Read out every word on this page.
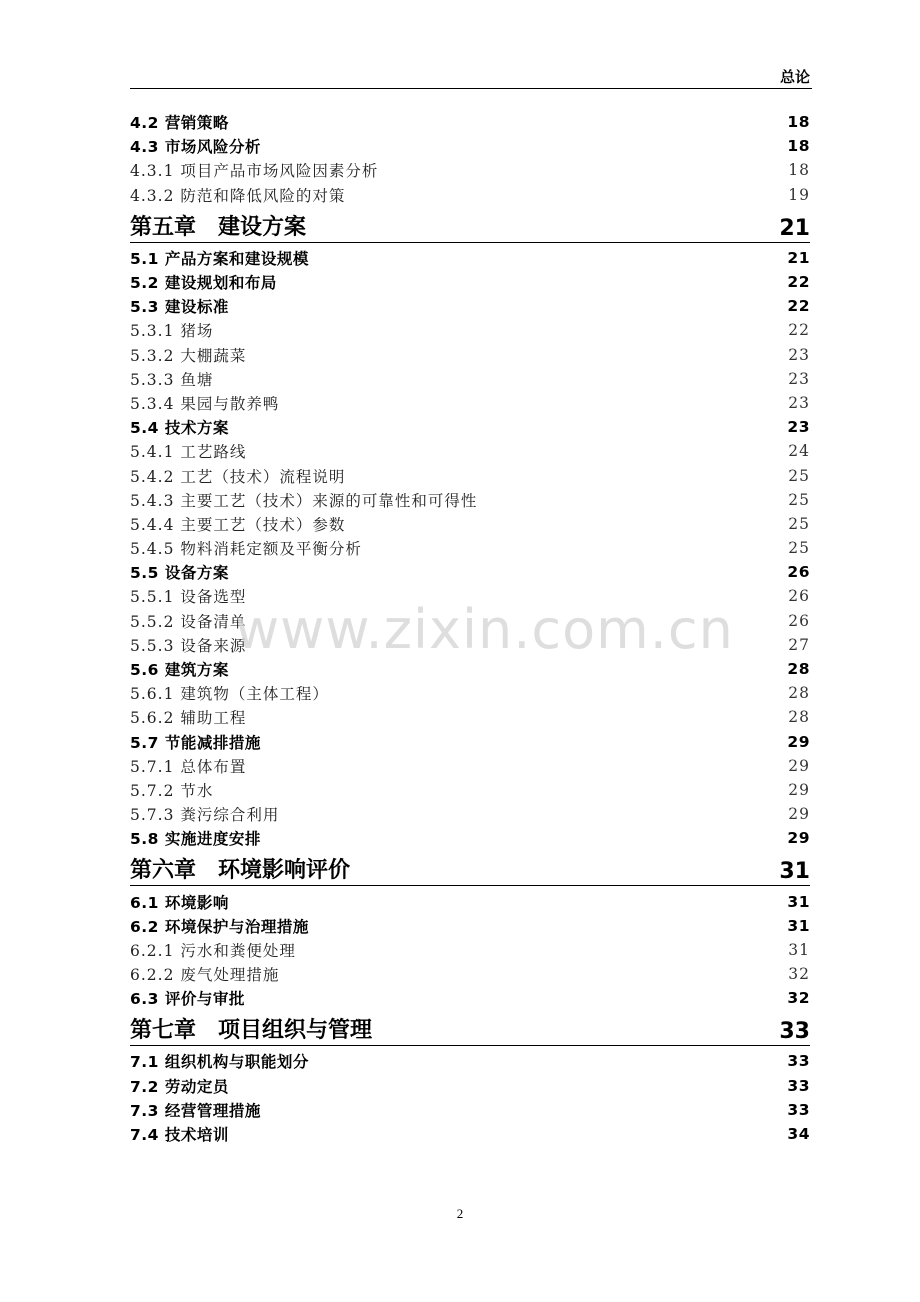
总论
4.2 营销策略	18
4.3 市场风险分析	18
4.3.1 项目产品市场风险因素分析	18
4.3.2 防范和降低风险的对策	19
第五章　建设方案	21
5.1 产品方案和建设规模	21
5.2 建设规划和布局	22
5.3 建设标准	22
5.3.1 猪场	22
5.3.2 大棚蔬菜	23
5.3.3 鱼塘	23
5.3.4 果园与散养鸭	23
5.4 技术方案	23
5.4.1 工艺路线	24
5.4.2 工艺（技术）流程说明	25
5.4.3 主要工艺（技术）来源的可靠性和可得性	25
5.4.4 主要工艺（技术）参数	25
5.4.5 物料消耗定额及平衡分析	25
5.5 设备方案	26
5.5.1 设备选型	26
5.5.2 设备清单	26
5.5.3 设备来源	27
5.6 建筑方案	28
5.6.1 建筑物（主体工程）	28
5.6.2 辅助工程	28
5.7 节能减排措施	29
5.7.1 总体布置	29
5.7.2 节水	29
5.7.3 粪污综合利用	29
5.8 实施进度安排	29
第六章　环境影响评价	31
6.1 环境影响	31
6.2 环境保护与治理措施	31
6.2.1 污水和粪便处理	31
6.2.2 废气处理措施	32
6.3 评价与审批	32
第七章　项目组织与管理	33
7.1 组织机构与职能划分	33
7.2 劳动定员	33
7.3 经营管理措施	33
7.4 技术培训	34
www.zixin.com.cn
2
